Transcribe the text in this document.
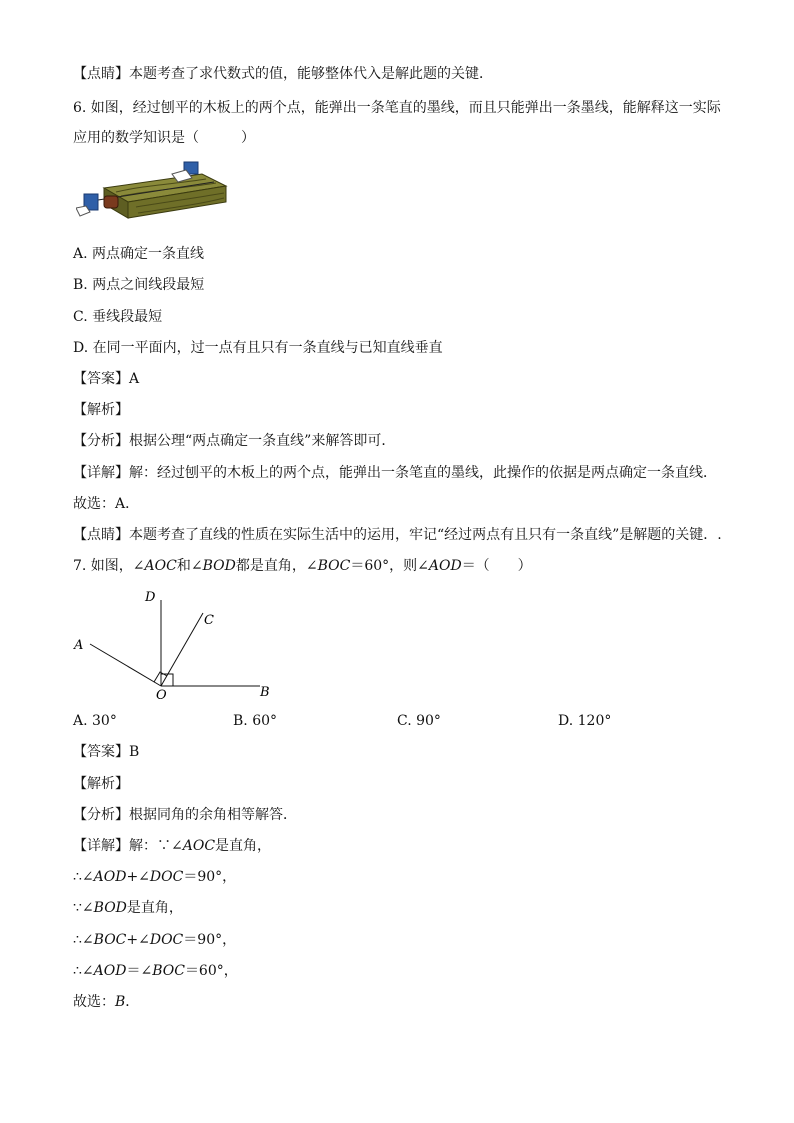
【点睛】本题考查了求代数式的值，能够整体代入是解此题的关键．
6. 如图，经过刨平的木板上的两个点，能弹出一条笔直的墨线，而且只能弹出一条墨线，能解释这一实际
应用的数学知识是（　　　）
A. 两点确定一条直线
B. 两点之间线段最短
C. 垂线段最短
D. 在同一平面内，过一点有且只有一条直线与已知直线垂直
【答案】A
【解析】
【分析】根据公理“两点确定一条直线”来解答即可．
【详解】解：经过刨平的木板上的两个点，能弹出一条笔直的墨线，此操作的依据是两点确定一条直线．
故选：A．
【点睛】本题考查了直线的性质在实际生活中的运用，牢记“经过两点有且只有一条直线”是解题的关键．.
7. 如图，∠AOC和∠BOD都是直角，∠BOC＝60°，则∠AOD＝（　　）
D
C
A
O	B
A. 30°	B. 60°	C. 90°	D. 120°
【答案】B
【解析】
【分析】根据同角的余角相等解答．
【详解】解：∵∠AOC是直角，
∴∠AOD+∠DOC＝90°，
∵∠BOD是直角，
∴∠BOC+∠DOC＝90°，
∴∠AOD＝∠BOC＝60°，
故选：B．
